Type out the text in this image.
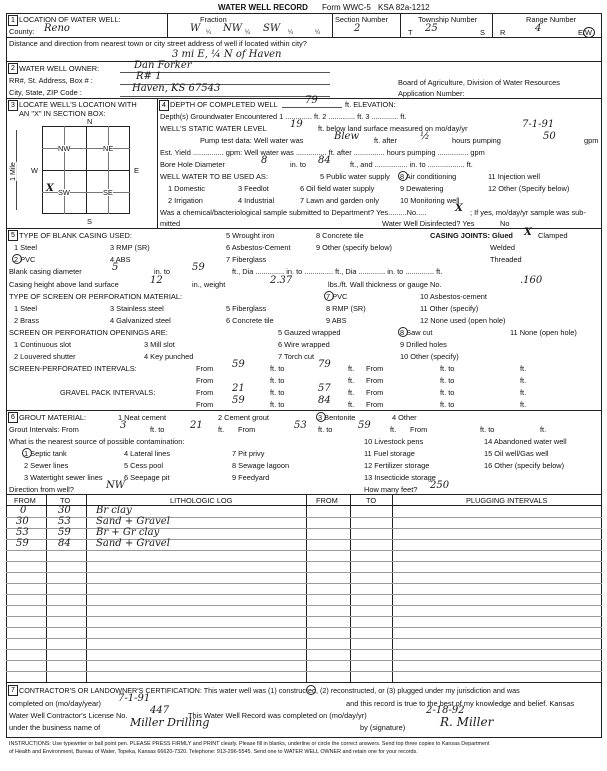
WATER WELL RECORD Form WWC-5 KSA 82a-1212
1 LOCATION OF WATER WELL:
County: Reno
Fraction
W ¼ NW ¼ SW ¼	¼
Section Number
2
Township Number
T 25	S
Range Number
R	4	E/W
Distance and direction from nearest town or city street address of well if located within city?
3 mi E, ¼ N of Haven
2 WATER WELL OWNER:	Dan Forker
RR#, St. Address, Box # :	R# 1
Board of Agriculture, Division of Water Resources
City, State, ZIP Code :	Haven, KS 67543	Application Number:
3 LOCATE WELL'S LOCATION WITH
AN "X" IN SECTION BOX:
N
NW	NE
SW	SE
X
W	E
S
1 Mile
4 DEPTH OF COMPLETED WELL	79	ft. ELEVATION:
Depth(s) Groundwater Encountered 1 ............. ft. 2 ............. ft. 3 ............. ft.
WELL'S STATIC WATER LEVEL 19 ft. below land surface measured on mo/day/yr	7-1-91
Pump test data: Well water was	Blew ft. after ½	hours pumping	50	gpm
Est. Yield ............... gpm: Well water was ............... ft. after ............... hours pumping ............... gpm
Bore Hole Diameter	8	in. to 84	ft., and ................ in. to .................. ft.
WELL WATER TO BE USED AS:	5 Public water supply 8 Air conditioning	11 Injection well
1 Domestic	3 Feedlot	6 Oil field water supply	9 Dewatering	12 Other (Specify below)
2 Irrigation	4 Industrial	7 Lawn and garden only	10 Monitoring well
Was a chemical/bacteriological sample submitted to Department? Yes.........No.....	X ; If yes, mo/day/yr sample was sub-
mitted	Water Well Disinfected? Yes	No
5 TYPE OF BLANK CASING USED:	5 Wrought iron	8 Concrete tile	CASING JOINTS: Glued X Clamped
1 Steel	3 RMP (SR)	6 Asbestos-Cement	9 Other (specify below)	Welded
2 PVC	4 ABS	7 Fiberglass	Threaded
Blank casing diameter	5	in. to 59	ft., Dia .............. in. to .............. ft., Dia ............. in. to .............. ft.
Casing height above land surface	12	in., weight	2.37	lbs./ft. Wall thickness or gauge No.	.160
TYPE OF SCREEN OR PERFORATION MATERIAL:	7 PVC	10 Asbestos-cement
1 Steel	3 Stainless steel	5 Fiberglass	8 RMP (SR)	11 Other (specify)
2 Brass	4 Galvanized steel	6 Concrete tile	9 ABS	12 None used (open hole)
SCREEN OR PERFORATION OPENINGS ARE:	5 Gauzed wrapped	8 Saw cut	11 None (open hole)
1 Continuous slot	3 Mill slot	6 Wire wrapped	9 Drilled holes
2 Louvered shutter	4 Key punched	7 Torch cut	10 Other (specify)
SCREEN-PERFORATED INTERVALS:	From 59	ft. to	79 ft. From	ft. to	ft.
From	ft. to	ft. From	ft. to	ft.
GRAVEL PACK INTERVALS:	From 21	ft. to	57 ft. From	ft. to	ft.
From 59	ft. to	84 ft. From	ft. to	ft.
6 GROUT MATERIAL:	1 Neat cement	2 Cement grout	3 Bentonite	4 Other
Grout Intervals: From	3	ft. to	21 ft. From	53 ft. to	59	ft. From	ft. to	ft.
What is the nearest source of possible contamination:	10 Livestock pens	14 Abandoned water well
1 Septic tank	4 Lateral lines	7 Pit privy	11 Fuel storage	15 Oil well/Gas well
2 Sewer lines	5 Cess pool	8 Sewage lagoon	12 Fertilizer storage	16 Other (specify below)
3 Watertight sewer lines	6 Seepage pit	9 Feedyard	13 Insecticide storage
Direction from well?	NW	How many feet? 250
FROM	TO	LITHOLOGIC LOG	FROM	TO	PLUGGING INTERVALS
0	30	Br clay
30	53	Sand + Gravel
53	59	Br + Gr clay
59	84	Sand + Gravel
7 CONTRACTOR'S OR LANDOWNER'S CERTIFICATION: This water well was (1) constructed, (2) reconstructed, or (3) plugged under my jurisdiction and was
completed on (mo/day/year) 7-1-91	and this record is true to the best of my knowledge and belief. Kansas
Water Well Contractor's License No. 447	This Water Well Record was completed on (mo/day/yr)	2-18-92
under the business name of	Miller Drilling	by (signature)	R. Miller
INSTRUCTIONS: Use typewriter or ball point pen. PLEASE PRESS FIRMLY and PRINT clearly. Please fill in blanks, underline or circle the correct answers. Send top three copies to Kansas Department
of Health and Environment, Bureau of Water, Topeka, Kansas 66620-7320. Telephone: 913-296-5545. Send one to WATER WELL OWNER and retain one for your records.
